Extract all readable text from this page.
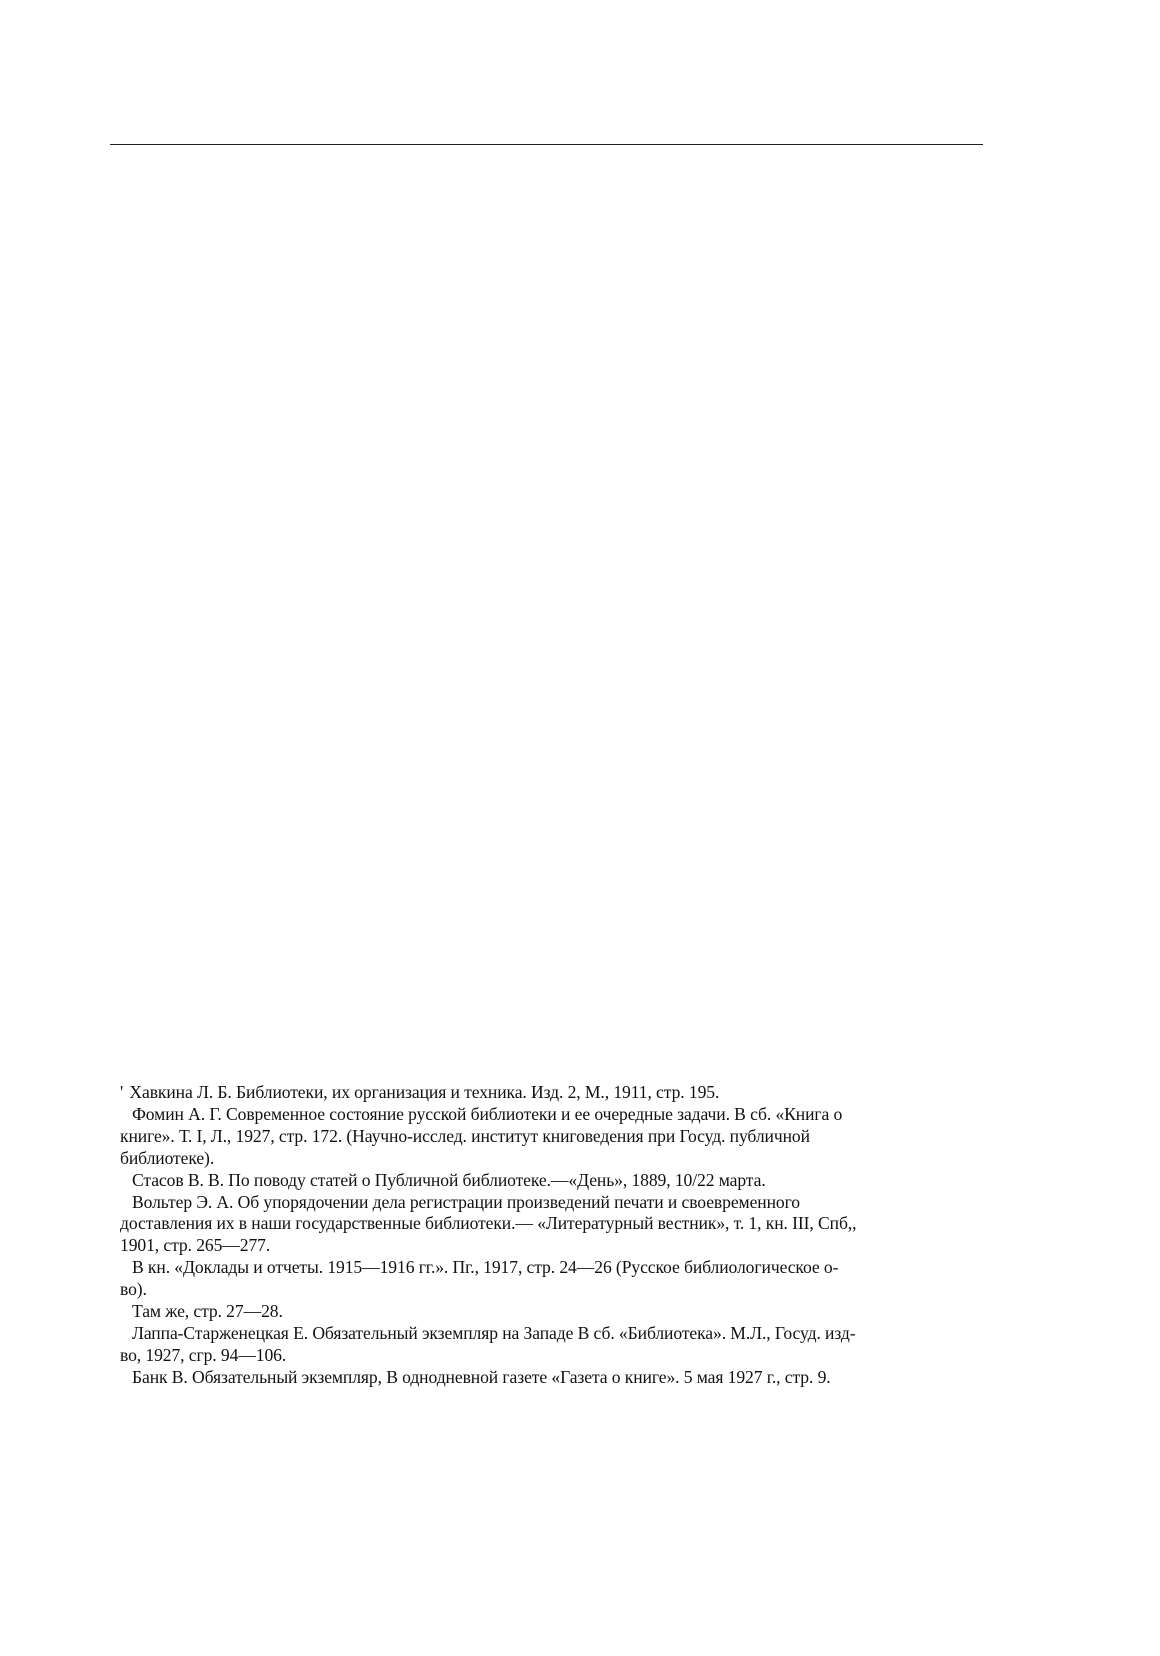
' Хавкина Л. Б. Библиотеки, их организация и техника. Изд. 2, М., 1911, стр. 195.

Фомин А. Г. Современное состояние русской библиотеки и ее очередные задачи. В сб. «Книга о
книге». Т. I, Л., 1927, стр. 172. (Научно-исслед. институт книговедения при Госуд. публичной
библиотеке).

Стасов В. В. По поводу статей о Публичной библиотеке.—«День», 1889, 10/22 марта.

Вольтер Э. А. Об упорядочении дела регистрации произведений печати и своевременного
доставления их в наши государственные библиотеки.— «Литературный вестник», т. 1, кн. III, Спб,,
1901, стр. 265—277.

В кн. «Доклады и отчеты. 1915—1916 гг.». Пг., 1917, стр. 24—26 (Русское библиологическое о-
во).

Там же, стр. 27—28.

Лаппа-Старженецкая Е. Обязательный экземпляр на Западе В сб. «Библиотека». М.Л., Госуд. изд-
во, 1927, сгр. 94—106.

Банк В. Обязательный экземпляр, В однодневной газете «Газета о книге». 5 мая 1927 г., стр. 9.
